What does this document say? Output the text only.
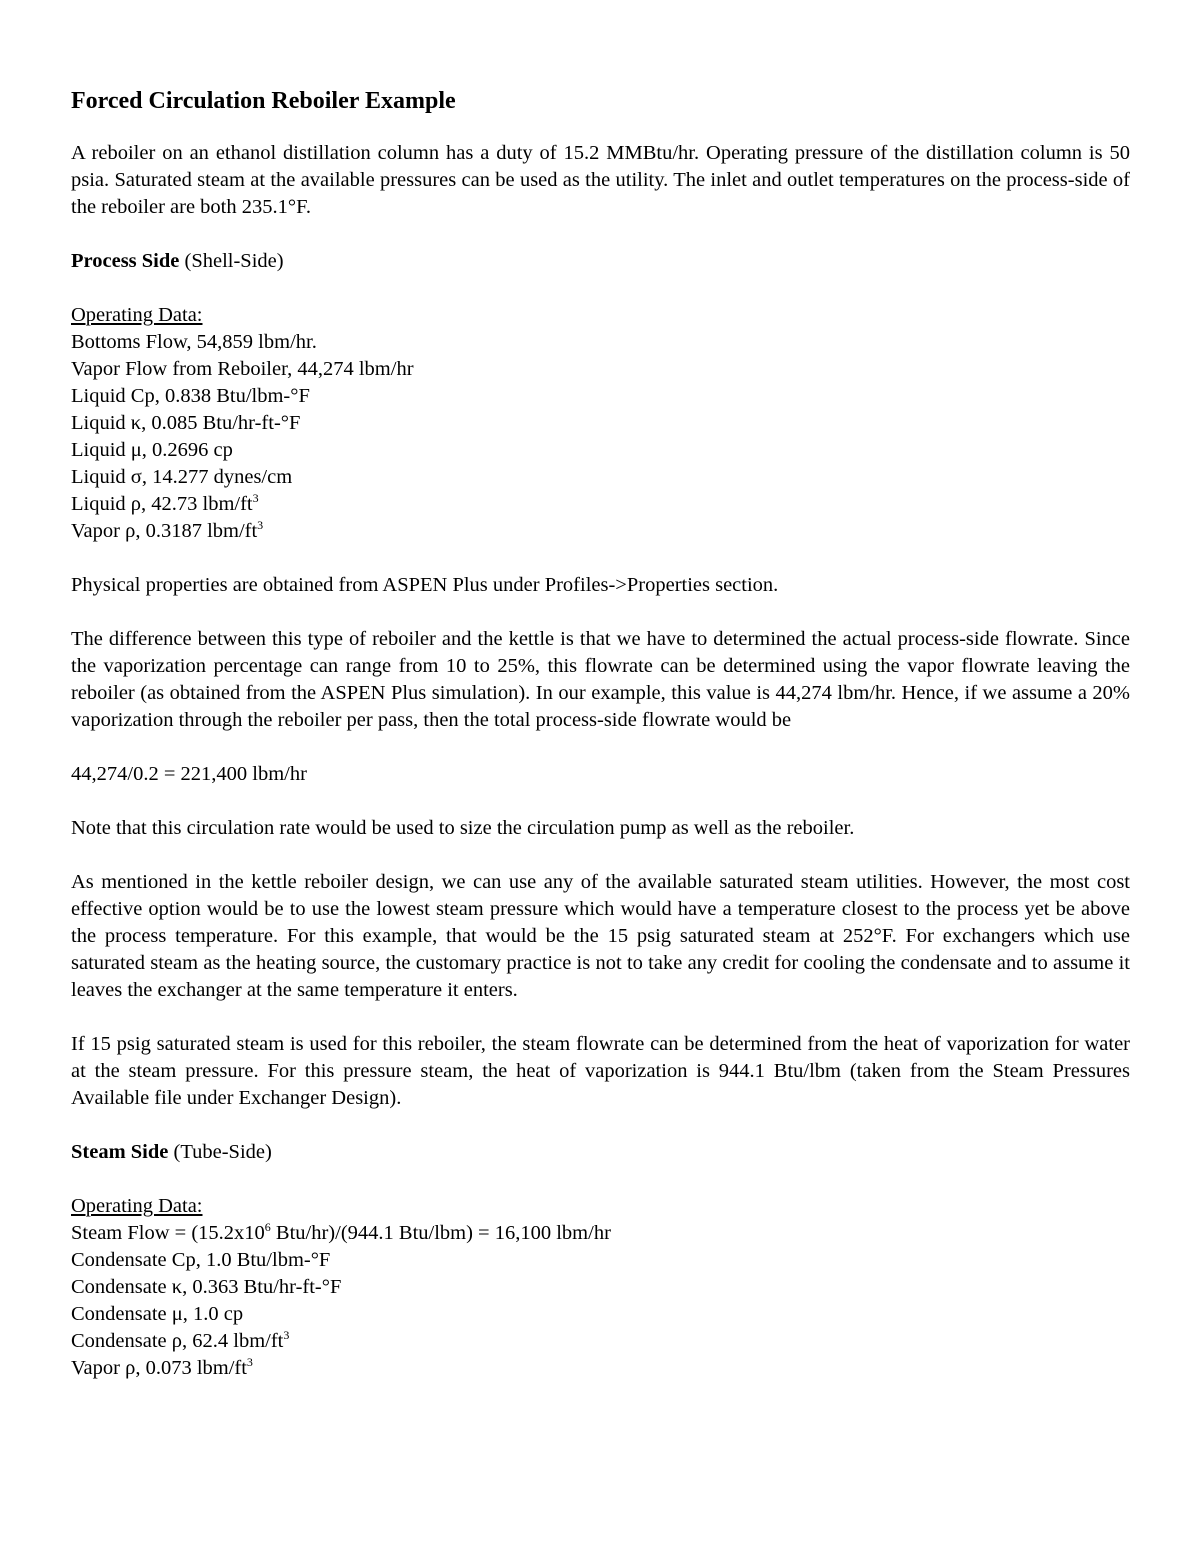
Forced Circulation Reboiler Example

A reboiler on an ethanol distillation column has a duty of 15.2 MMBtu/hr. Operating pressure of the distillation column is 50 psia. Saturated steam at the available pressures can be used as the utility. The inlet and outlet temperatures on the process-side of the reboiler are both 235.1°F.

Process Side (Shell-Side)
Operating Data:
Bottoms Flow, 54,859 lbm/hr.
Vapor Flow from Reboiler, 44,274 lbm/hr
Liquid Cp, 0.838 Btu/lbm-°F
Liquid κ, 0.085 Btu/hr-ft-°F
Liquid μ, 0.2696 cp
Liquid σ, 14.277 dynes/cm
Liquid ρ, 42.73 lbm/$ft^3$
Vapor ρ, 0.3187 lbm/$ft^3$

Physical properties are obtained from ASPEN Plus under Profiles->Properties section.

The difference between this type of reboiler and the kettle is that we have to determined the actual process-side flowrate. Since the vaporization percentage can range from 10 to 25%, this flowrate can be determined using the vapor flowrate leaving the reboiler (as obtained from the ASPEN Plus simulation). In our example, this value is 44,274 lbm/hr. Hence, if we assume a 20% vaporization through the reboiler per pass, then the total process-side flowrate would be

44,274/0.2 = 221,400 lbm/hr

Note that this circulation rate would be used to size the circulation pump as well as the reboiler.

As mentioned in the kettle reboiler design, we can use any of the available saturated steam utilities. However, the most cost effective option would be to use the lowest steam pressure which would have a temperature closest to the process yet be above the process temperature. For this example, that would be the 15 psig saturated steam at 252°F. For exchangers which use saturated steam as the heating source, the customary practice is not to take any credit for cooling the condensate and to assume it leaves the exchanger at the same temperature it enters.

If 15 psig saturated steam is used for this reboiler, the steam flowrate can be determined from the heat of vaporization for water at the steam pressure. For this pressure steam, the heat of vaporization is 944.1 Btu/lbm (taken from the Steam Pressures Available file under Exchanger Design).

Steam Side (Tube-Side)
Operating Data:
Steam Flow = ($15.2x10^6$ Btu/hr)/(944.1 Btu/lbm) = 16,100 lbm/hr
Condensate Cp, 1.0 Btu/lbm-°F
Condensate κ, 0.363 Btu/hr-ft-°F
Condensate μ, 1.0 cp
Condensate ρ, 62.4 lbm/$ft^3$
Vapor ρ, 0.073 lbm/$ft^3$
